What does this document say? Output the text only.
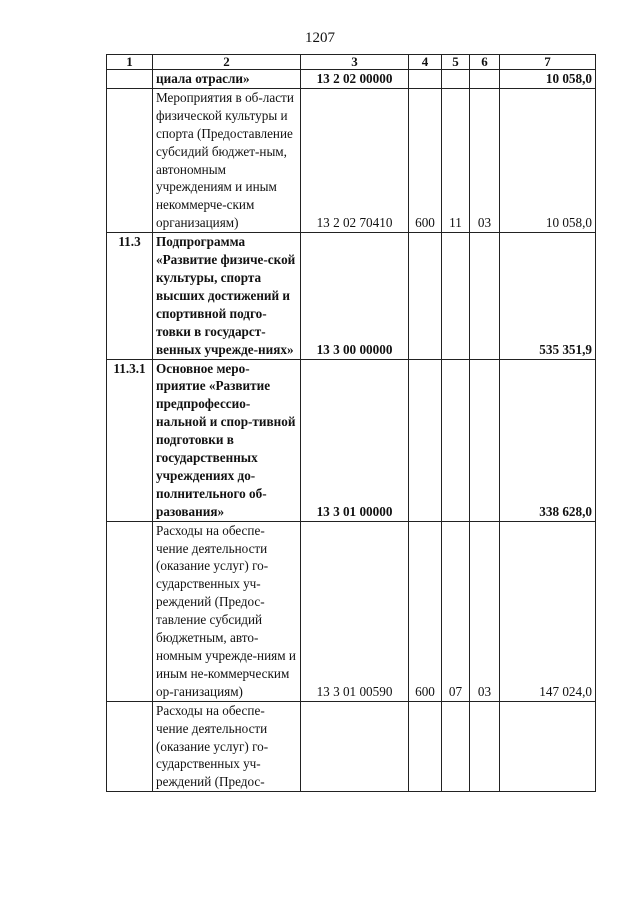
1207
1	2	3	4	5	6	7
	циала отрасли»	13 2 02 00000				10 058,0
	Мероприятия в об-ласти физической культуры и спорта (Предоставление субсидий бюджет-ным, автономным учреждениям и иным некоммерче-ским организациям)	13 2 02 70410	600	11	03	10 058,0
11.3	Подпрограмма «Развитие физиче-ской культуры, спорта высших достижений и спортивной подго-товки в государст-венных учрежде-ниях»	13 3 00 00000				535 351,9
11.3.1	Основное меро-приятие «Развитие предпрофессио-нальной и спор-тивной подготовки в государственных учреждениях до-полнительного об-разования»	13 3 01 00000				338 628,0
	Расходы на обеспе-чение деятельности (оказание услуг) го-сударственных уч-реждений (Предос-тавление субсидий бюджетным, авто-номным учрежде-ниям и иным не-коммерческим ор-ганизациям)	13 3 01 00590	600	07	03	147 024,0
	Расходы на обеспе-чение деятельности (оказание услуг) го-сударственных уч-реждений (Предос-					
